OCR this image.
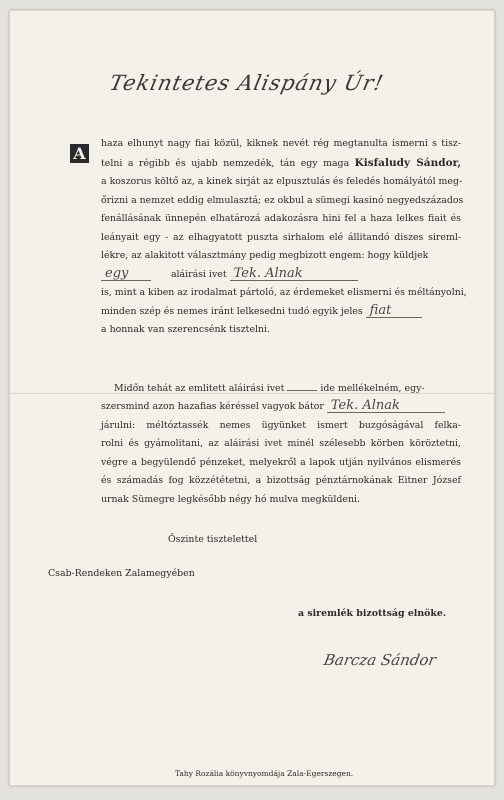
Tekintetes Alispány Úr!
A
haza elhunyt nagy fiai közül, kiknek nevét rég megtanulta ismerni s tisz-
telni a régibb és ujabb nemzedék, tán egy maga Kisfaludy Sándor,
a koszorus költő az, a kinek sirját az elpusztulás és feledés homályától meg-
őrizni a nemzet eddig elmulasztá; ez okbul a sümegi kasinó negyedszázados
fenállásának ünnepén elhatározá adakozásra hini fel a haza lelkes fiait és
leányait egy - az elhagyatott puszta sirhalom elé állitandó diszes sireml-
lékre, az alakitott választmány pedig megbizott engem: hogy küldjek
egy	aláirási ivet Tek. Alnak
is, mint a kiben az irodalmat pártoló, az érdemeket elismerni és méltányolni,
minden szép és nemes iránt lelkesedni tudó egyik jeles fiat
a honnak van szerencsénk tisztelni.
Midőn tehát az emlitett aláirási ivet	ide mellékelném, egy-
szersmind azon hazafias kéréssel vagyok bátor Tek. Alnak
járulni: méltóztassék nemes ügyünket ismert buzgóságával felka-
rolni és gyámolitani, az aláirási ivet minél szélesebb körben köröztetni,
végre a begyülendő pénzeket, melyekről a lapok utján nyilvános elismerés
és számadás fog közzététetni, a bizottság pénztárnokának Eitner József
urnak Sümegre legkésőbb négy hó mulva megküldeni.
Őszinte tisztelettel
Csab-Rendeken Zalamegyében
a siremlék bizottság elnöke.
Barcza Sándor
Tahy Rozália könyvnyomdája Zala-Egerszegen.
